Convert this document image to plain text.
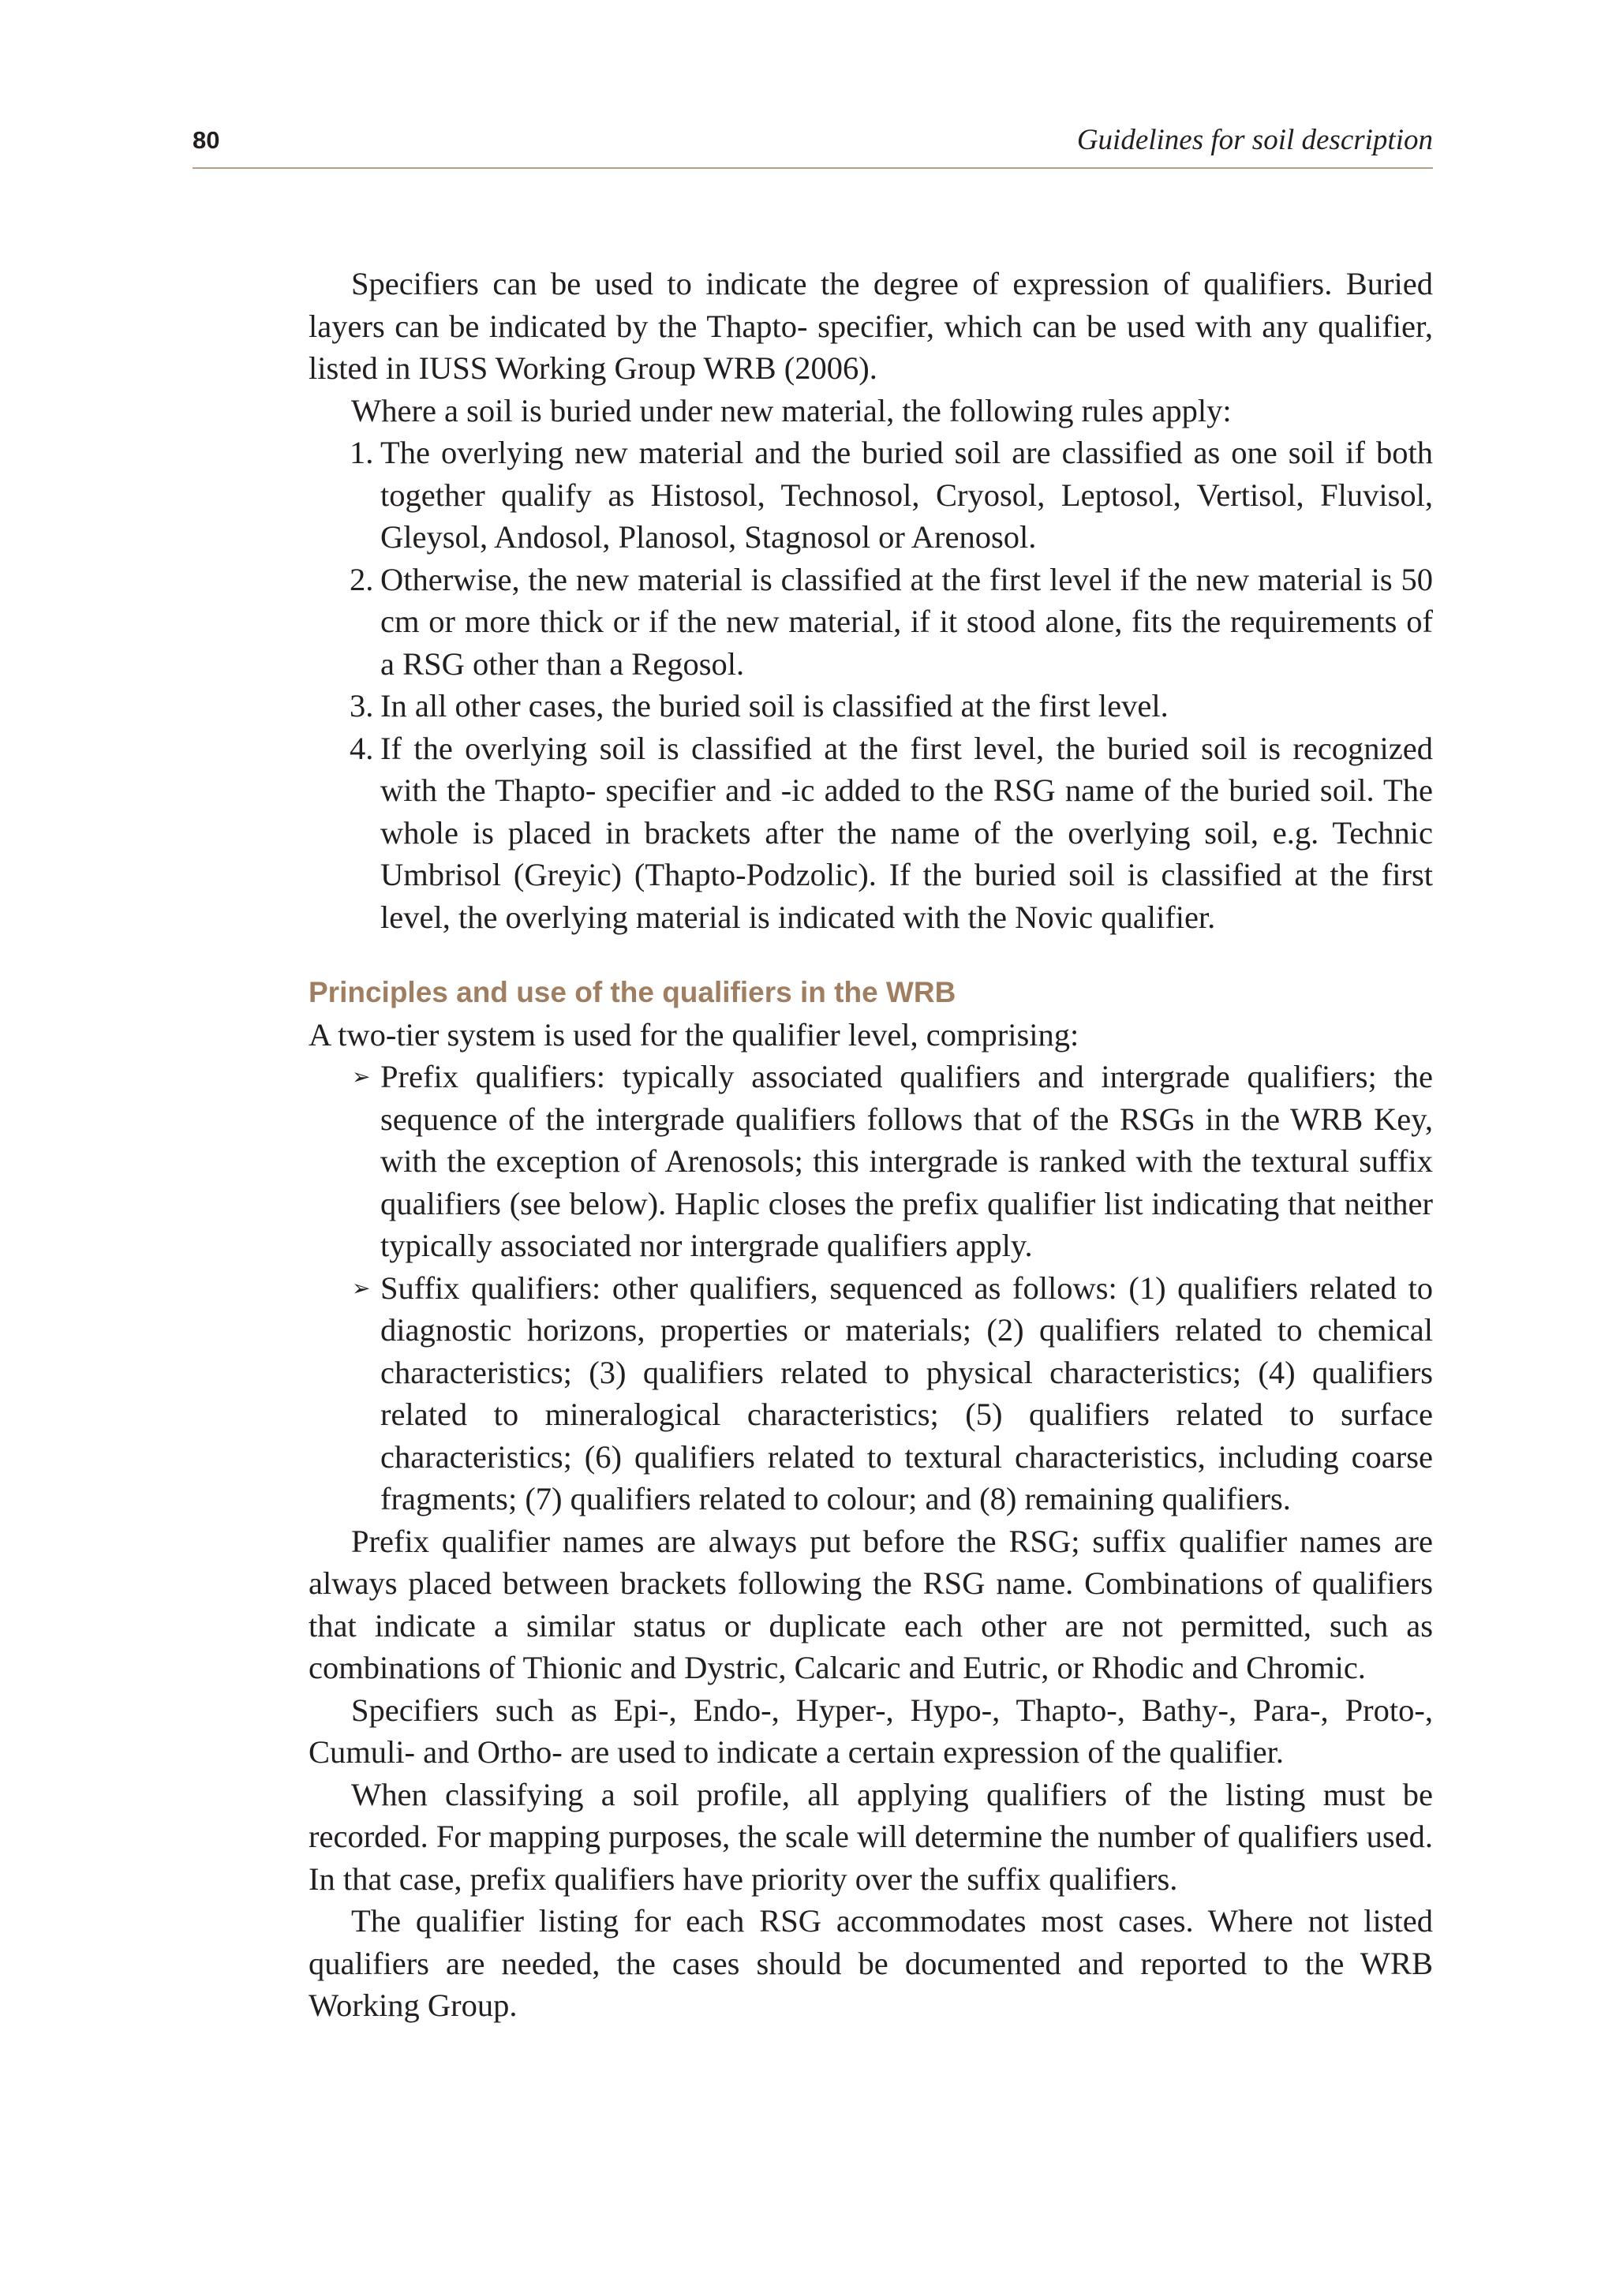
80	Guidelines for soil description

Specifiers can be used to indicate the degree of expression of qualifiers. Buried layers can be indicated by the Thapto- specifier, which can be used with any qualifier, listed in IUSS Working Group WRB (2006).

Where a soil is buried under new material, the following rules apply:

1. The overlying new material and the buried soil are classified as one soil if both together qualify as Histosol, Technosol, Cryosol, Leptosol, Vertisol, Fluvisol, Gleysol, Andosol, Planosol, Stagnosol or Arenosol.
2. Otherwise, the new material is classified at the first level if the new material is 50 cm or more thick or if the new material, if it stood alone, fits the requirements of a RSG other than a Regosol.
3. In all other cases, the buried soil is classified at the first level.
4. If the overlying soil is classified at the first level, the buried soil is recognized with the Thapto- specifier and -ic added to the RSG name of the buried soil. The whole is placed in brackets after the name of the overlying soil, e.g. Technic Umbrisol (Greyic) (Thapto-Podzolic). If the buried soil is classified at the first level, the overlying material is indicated with the Novic qualifier.
Principles and use of the qualifiers in the WRB

A two-tier system is used for the qualifier level, comprising:

➢ Prefix qualifiers: typically associated qualifiers and intergrade qualifiers; the sequence of the intergrade qualifiers follows that of the RSGs in the WRB Key, with the exception of Arenosols; this intergrade is ranked with the textural suffix qualifiers (see below). Haplic closes the prefix qualifier list indicating that neither typically associated nor intergrade qualifiers apply.
➢ Suffix qualifiers: other qualifiers, sequenced as follows: (1) qualifiers related to diagnostic horizons, properties or materials; (2) qualifiers related to chemical characteristics; (3) qualifiers related to physical characteristics; (4) qualifiers related to mineralogical characteristics; (5) qualifiers related to surface characteristics; (6) qualifiers related to textural characteristics, including coarse fragments; (7) qualifiers related to colour; and (8) remaining qualifiers.

Prefix qualifier names are always put before the RSG; suffix qualifier names are always placed between brackets following the RSG name. Combinations of qualifiers that indicate a similar status or duplicate each other are not permitted, such as combinations of Thionic and Dystric, Calcaric and Eutric, or Rhodic and Chromic.

Specifiers such as Epi-, Endo-, Hyper-, Hypo-, Thapto-, Bathy-, Para-, Proto-, Cumuli- and Ortho- are used to indicate a certain expression of the qualifier.

When classifying a soil profile, all applying qualifiers of the listing must be recorded. For mapping purposes, the scale will determine the number of qualifiers used. In that case, prefix qualifiers have priority over the suffix qualifiers.

The qualifier listing for each RSG accommodates most cases. Where not listed qualifiers are needed, the cases should be documented and reported to the WRB Working Group.
